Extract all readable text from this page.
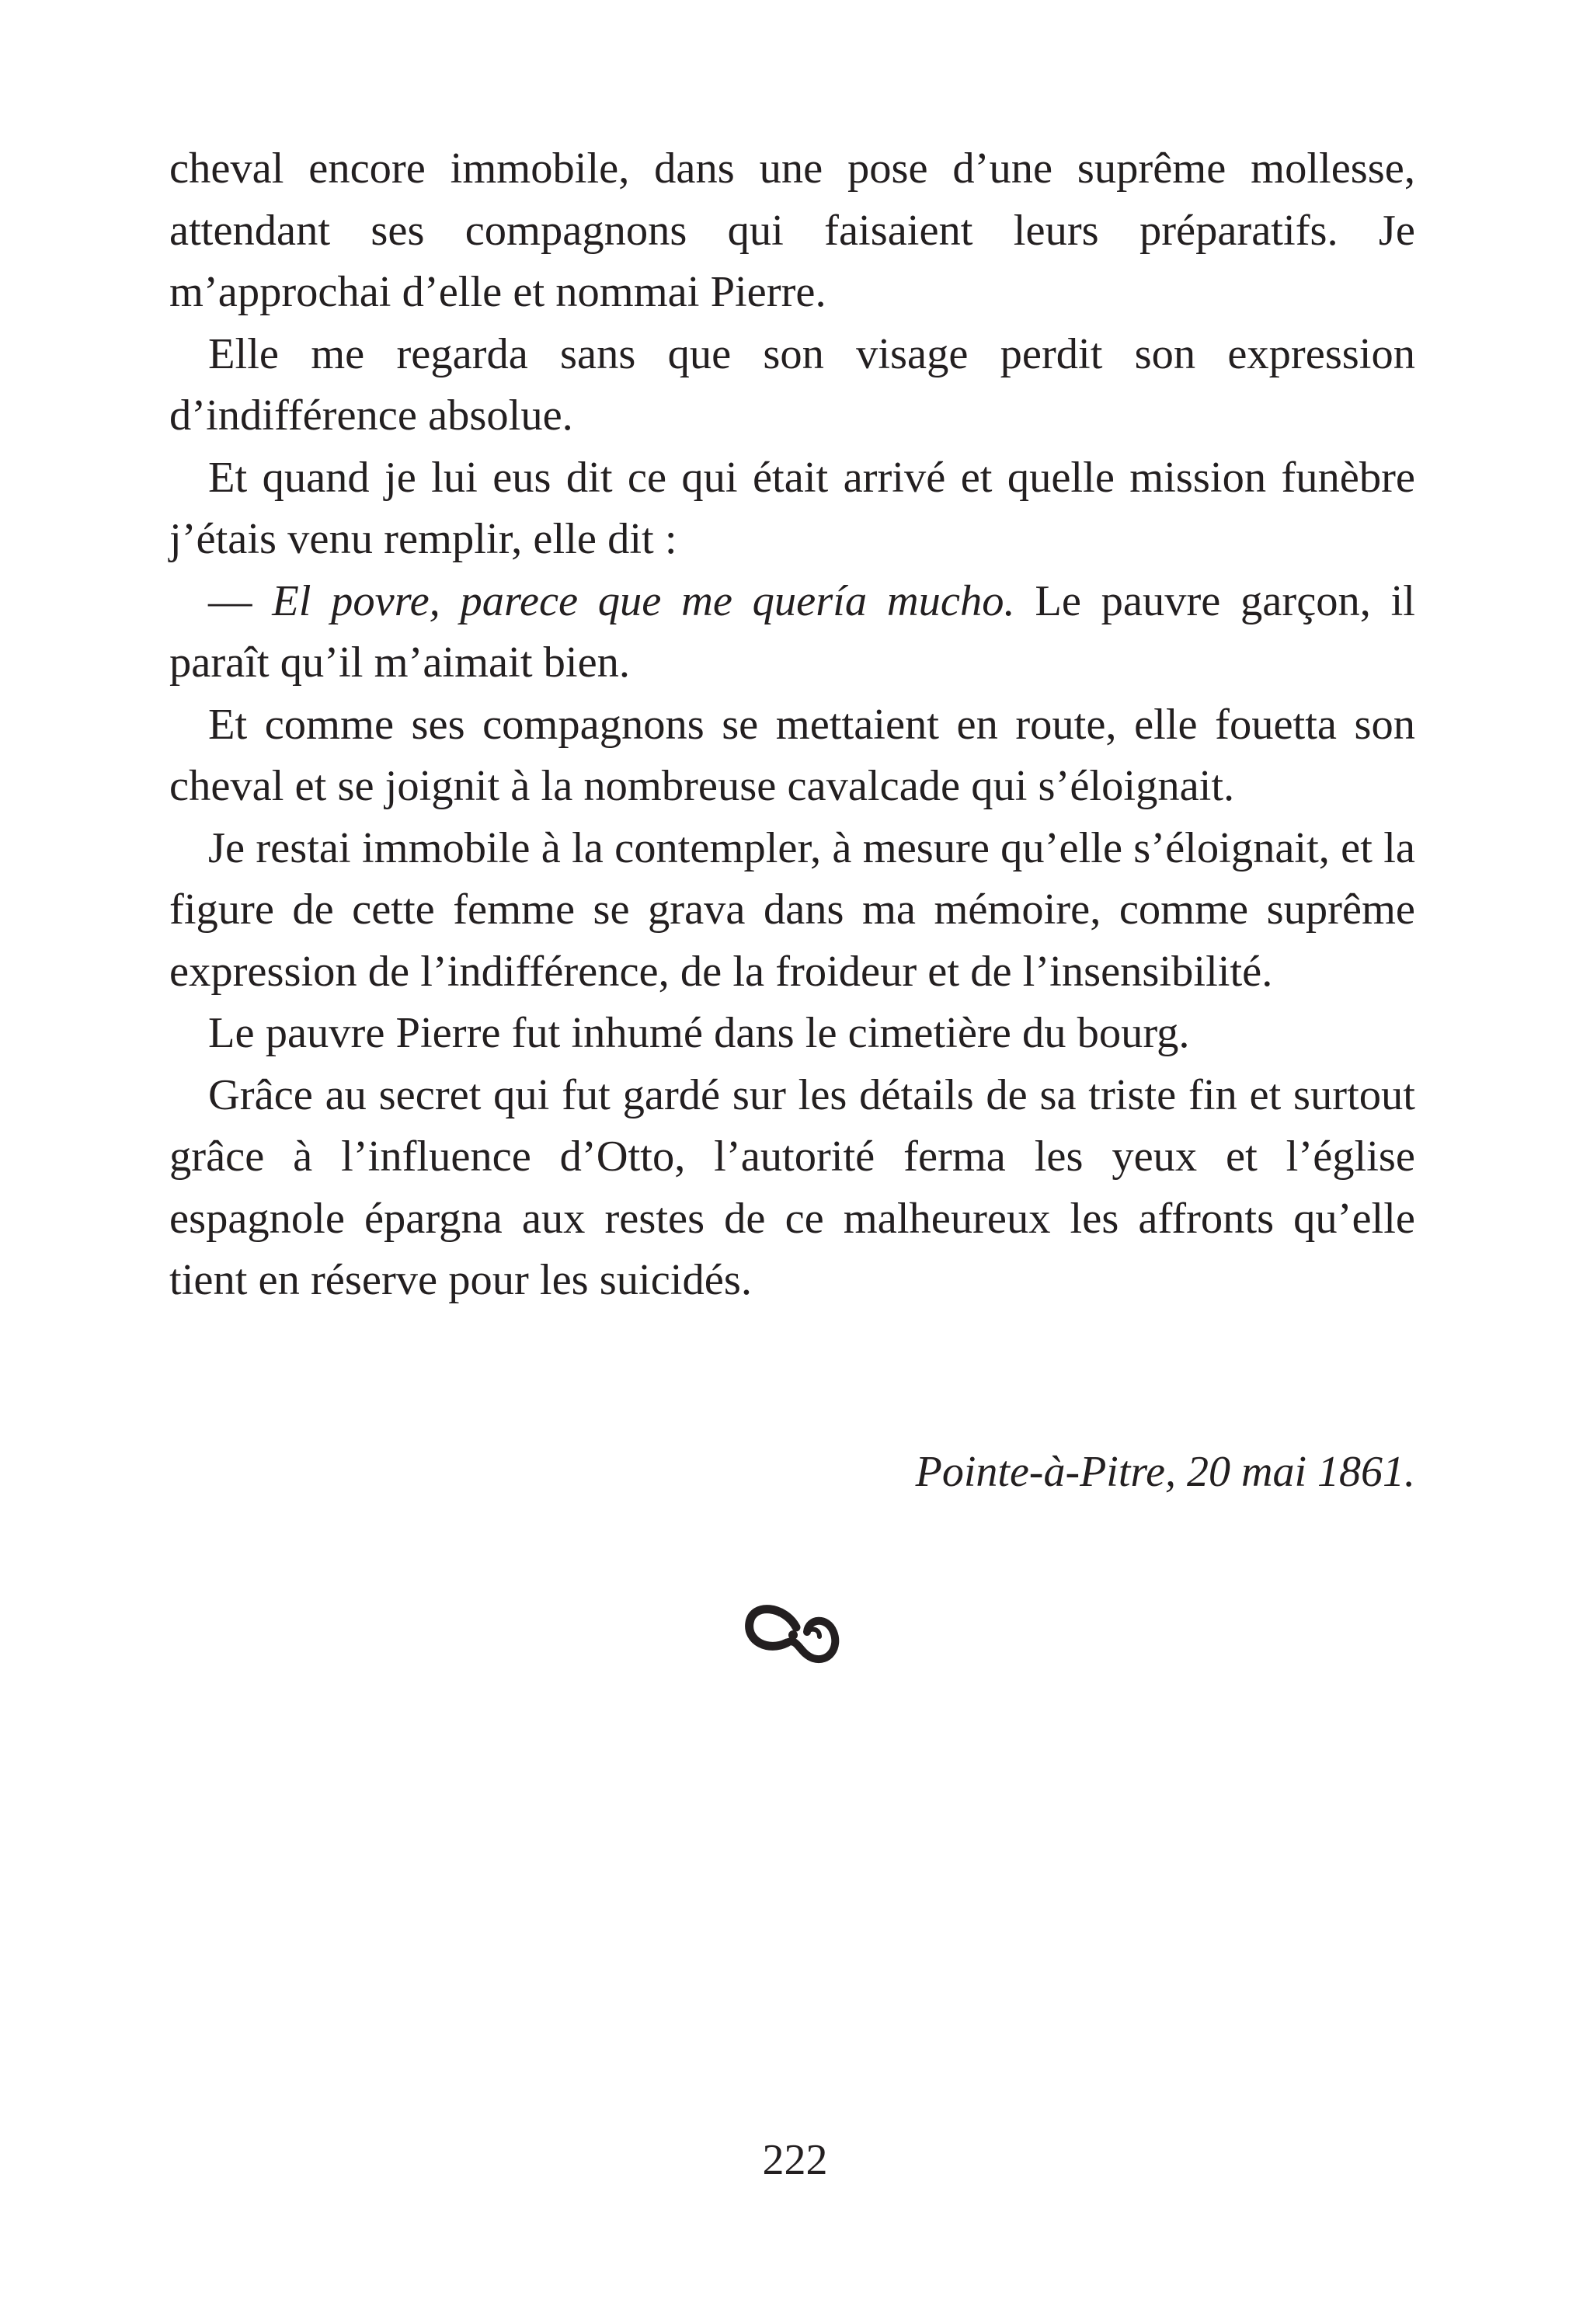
cheval encore immobile, dans une pose d’une suprême mollesse, attendant ses compagnons qui faisaient leurs préparatifs. Je m’approchai d’elle et nommai Pierre.

Elle me regarda sans que son visage perdit son expression d’indifférence absolue.

Et quand je lui eus dit ce qui était arrivé et quelle mission funèbre j’étais venu remplir, elle dit :

— El povre, parece que me quería mucho. Le pauvre garçon, il paraît qu’il m’aimait bien.

Et comme ses compagnons se mettaient en route, elle fouetta son cheval et se joignit à la nombreuse cavalcade qui s’éloignait.

Je restai immobile à la contempler, à mesure qu’elle s’éloignait, et la figure de cette femme se grava dans ma mémoire, comme suprême expression de l’indifférence, de la froideur et de l’insensibilité.

Le pauvre Pierre fut inhumé dans le cimetière du bourg.

Grâce au secret qui fut gardé sur les détails de sa triste fin et surtout grâce à l’influence d’Otto, l’autorité ferma les yeux et l’église espagnole épargna aux restes de ce malheureux les affronts qu’elle tient en réserve pour les suicidés.

Pointe-à-Pitre, 20 mai 1861.
222
